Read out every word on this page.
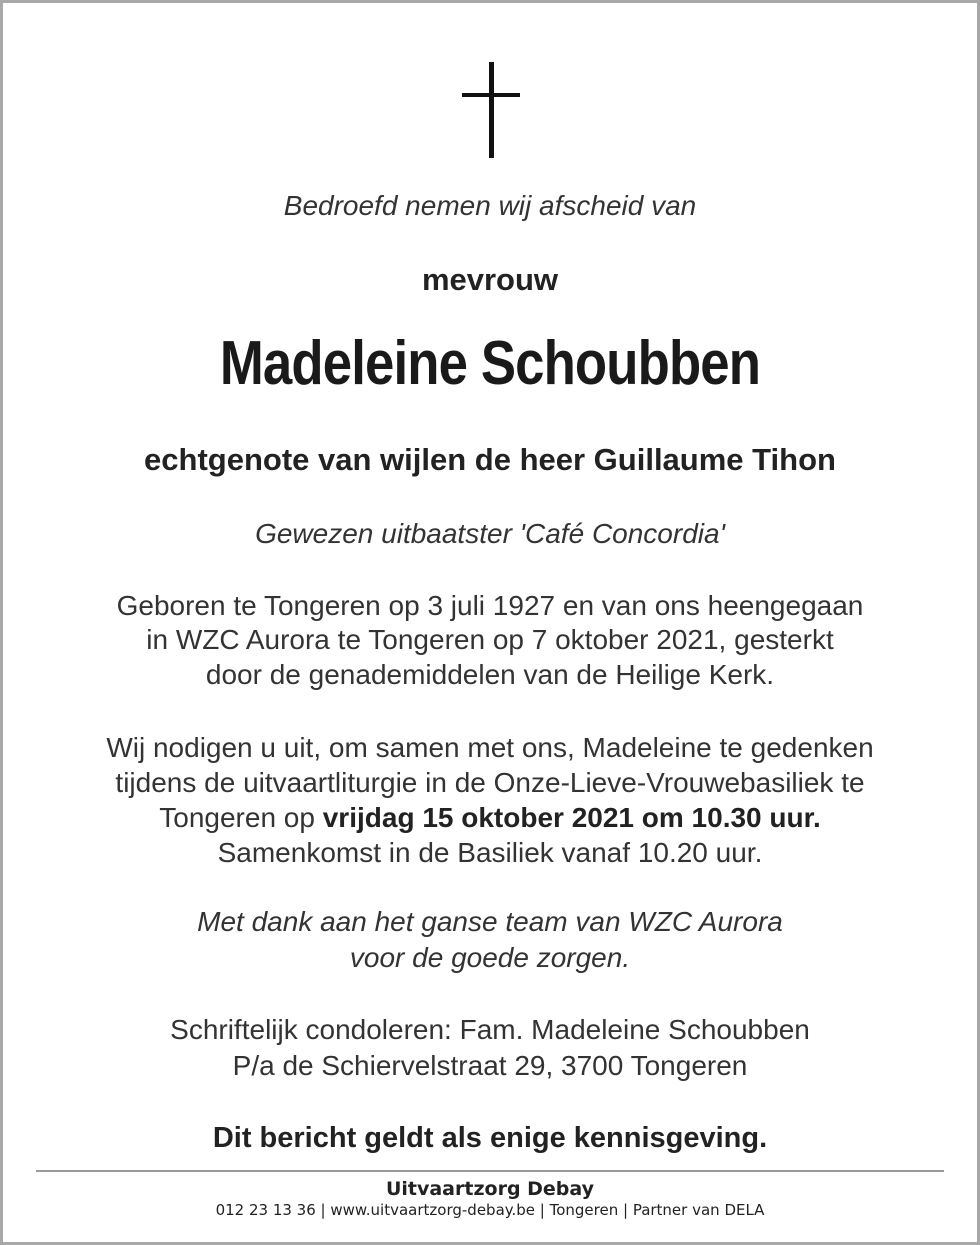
Bedroefd nemen wij afscheid van
mevrouw
Madeleine Schoubben
echtgenote van wijlen de heer Guillaume Tihon
Gewezen uitbaatster 'Café Concordia'
Geboren te Tongeren op 3 juli 1927 en van ons heengegaan
in WZC Aurora te Tongeren op 7 oktober 2021, gesterkt
door de genademiddelen van de Heilige Kerk.
Wij nodigen u uit, om samen met ons, Madeleine te gedenken
tijdens de uitvaartliturgie in de Onze-Lieve-Vrouwebasiliek te
Tongeren op vrijdag 15 oktober 2021 om 10.30 uur.
Samenkomst in de Basiliek vanaf 10.20 uur.
Met dank aan het ganse team van WZC Aurora
voor de goede zorgen.
Schriftelijk condoleren: Fam. Madeleine Schoubben
P/a de Schiervelstraat 29, 3700 Tongeren
Dit bericht geldt als enige kennisgeving.
Uitvaartzorg Debay
012 23 13 36 | www.uitvaartzorg-debay.be | Tongeren | Partner van DELA
